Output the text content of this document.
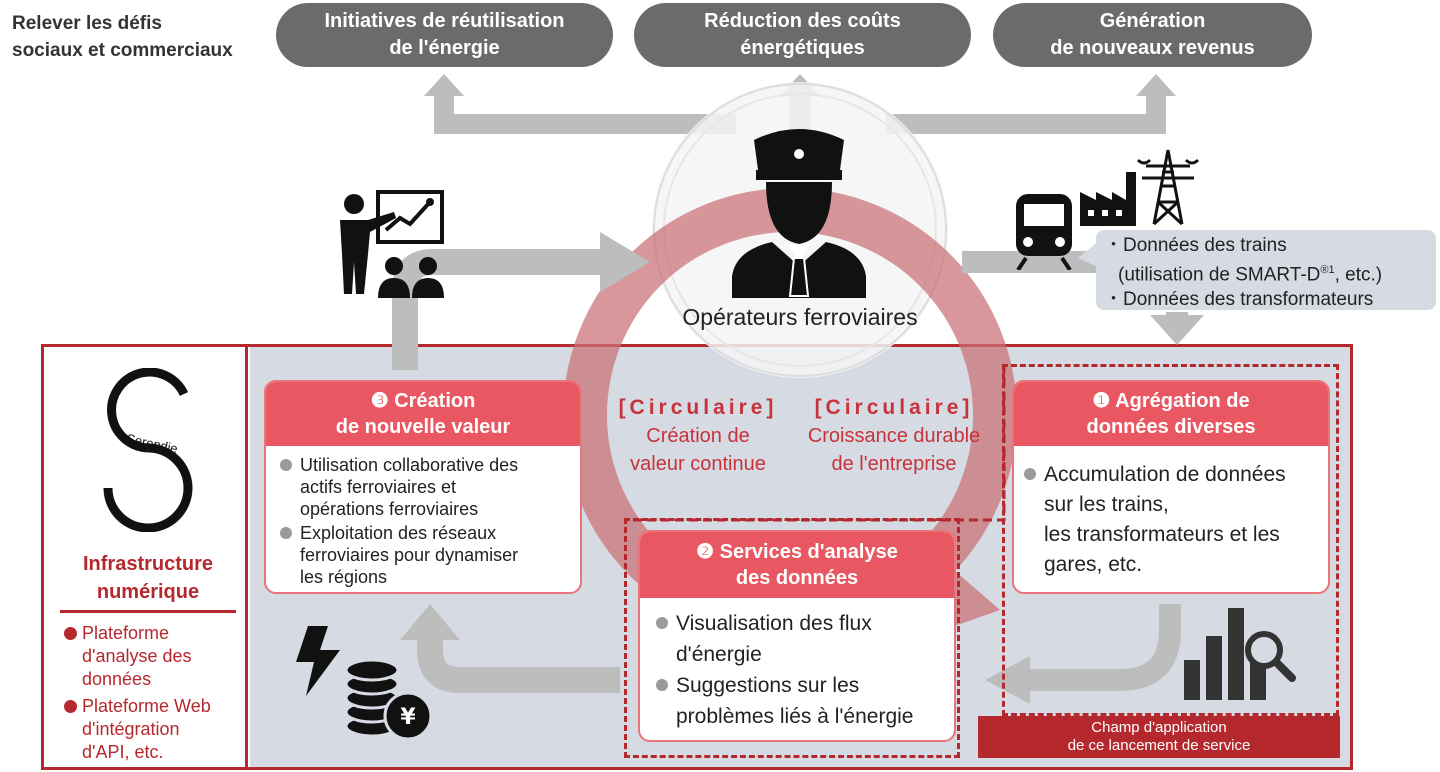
Relever les défis
sociaux et commerciaux
Initiatives de réutilisation
de l'énergie
Réduction des coûts
énergétiques
Génération
de nouveaux revenus
Opérateurs ferroviaires
・Données des trains
(utilisation de SMART-$D^{®1}$, etc.)
・Données des transformateurs
[Circulaire]
Création de
valeur continue
[Circulaire]
Croissance durable
de l'entreprise
❸ Création
de nouvelle valeur
Utilisation collaborative des
actifs ferroviaires et
opérations ferroviaires
Exploitation des réseaux
ferroviaires pour dynamiser
les régions
❶ Agrégation de
données diverses
Accumulation de données
sur les trains,
les transformateurs et les
gares, etc.
❷ Services d'analyse
des données
Visualisation des flux
d'énergie
Suggestions sur les
problèmes liés à l'énergie
¥
Serendie
Infrastructure
numérique
Plateforme
d'analyse des
données
Plateforme Web
d'intégration
d'API, etc.
Champ d'application
de ce lancement de service
